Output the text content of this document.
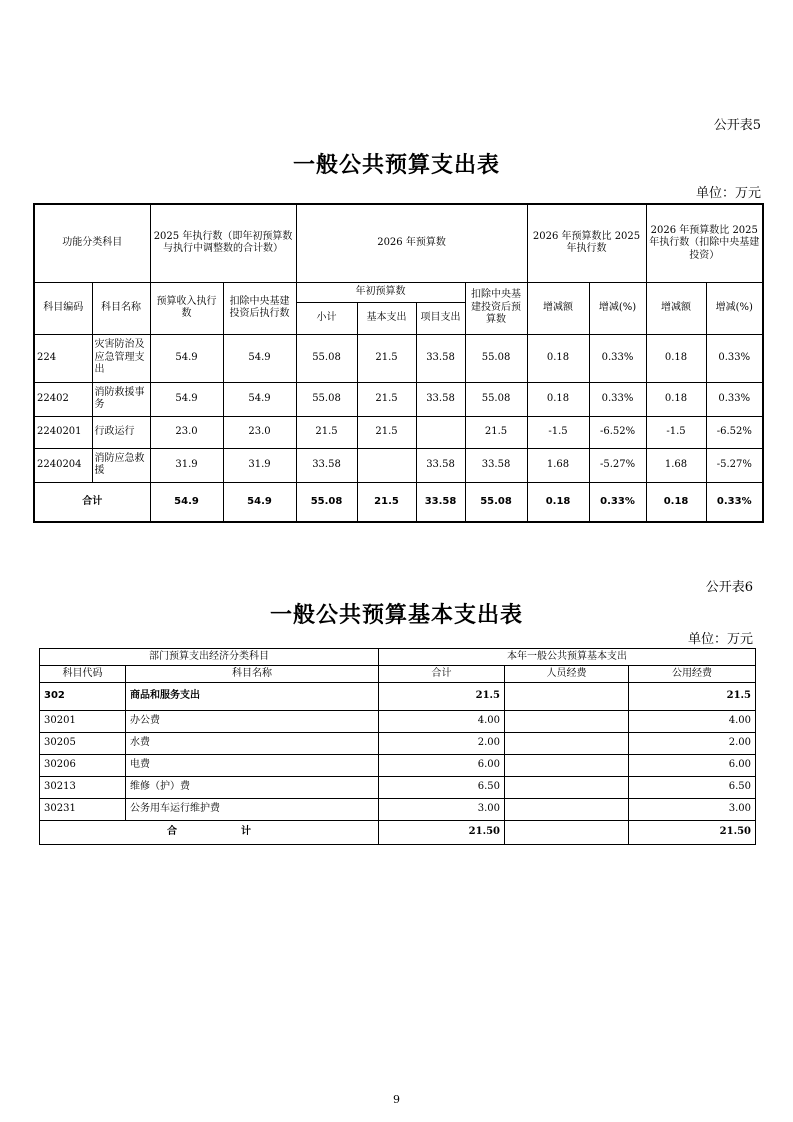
公开表5
一般公共预算支出表
单位：万元
功能分类科目		2025 年执行数（即年初预算数与执行中调整数的合计数）		2026 年预算数				2026 年预算数比 2025 年执行数		2026 年预算数比 2025 年执行数（扣除中央基建投资）	
科目编码	科目名称	预算收入执行数	扣除中央基建投资后执行数	年初预算数			扣除中央基建投资后预算数	增减额	增减(%)	增减额	增减(%)
				小计	基本支出	项目支出					
224	灾害防治及应急管理支出	54.9	54.9	55.08	21.5	33.58	55.08	0.18	0.33%	0.18	0.33%
22402	消防救援事务	54.9	54.9	55.08	21.5	33.58	55.08	0.18	0.33%	0.18	0.33%
2240201	行政运行	23.0	23.0	21.5	21.5		21.5	-1.5	-6.52%	-1.5	-6.52%
2240204	消防应急救援	31.9	31.9	33.58		33.58	33.58	1.68	-5.27%	1.68	-5.27%
合计		54.9	54.9	55.08	21.5	33.58	55.08	0.18	0.33%	0.18	0.33%
公开表6
一般公共预算基本支出表
单位：万元
部门预算支出经济分类科目		本年一般公共预算基本支出		
科目代码	科目名称	合计	人员经费	公用经费
302	商品和服务支出	21.5		21.5
30201	办公费	4.00		4.00
30205	水费	2.00		2.00
30206	电费	6.00		6.00
30213	维修（护）费	6.50		6.50
30231	公务用车运行维护费	3.00		3.00
合 计		21.50		21.50
9
